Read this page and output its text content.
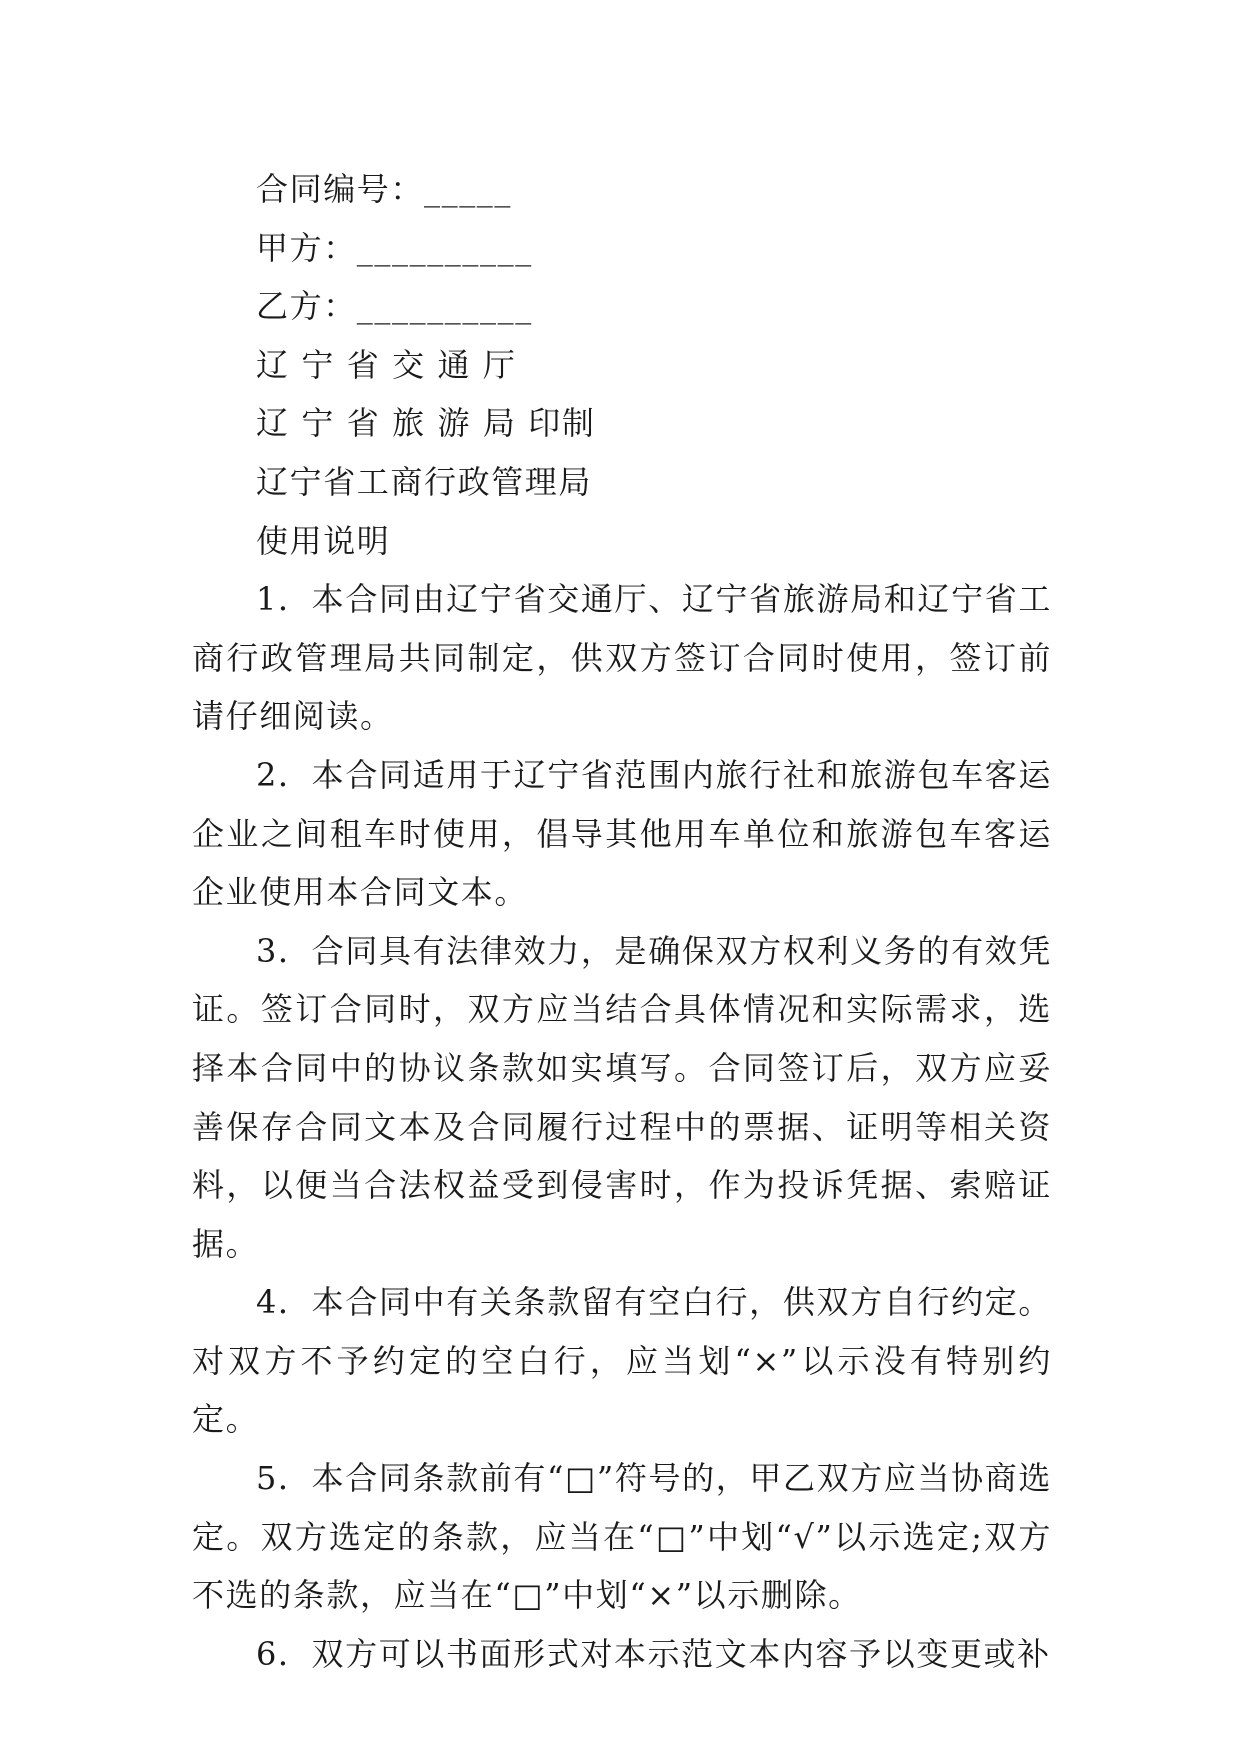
合同编号：_____
甲方：__________
乙方：__________
辽 宁 省 交 通 厅
辽 宁 省 旅 游 局 印制
辽宁省工商行政管理局
使用说明

1．本合同由辽宁省交通厅、辽宁省旅游局和辽宁省工商行政管理局共同制定，供双方签订合同时使用，签订前请仔细阅读。

2．本合同适用于辽宁省范围内旅行社和旅游包车客运企业之间租车时使用，倡导其他用车单位和旅游包车客运企业使用本合同文本。

3．合同具有法律效力，是确保双方权利义务的有效凭证。签订合同时，双方应当结合具体情况和实际需求，选择本合同中的协议条款如实填写。合同签订后，双方应妥善保存合同文本及合同履行过程中的票据、证明等相关资料，以便当合法权益受到侵害时，作为投诉凭据、索赔证据。

4．本合同中有关条款留有空白行，供双方自行约定。对双方不予约定的空白行，应当划“×”以示没有特别约定。

5．本合同条款前有“□”符号的，甲乙双方应当协商选定。双方选定的条款，应当在“□”中划“√”以示选定;双方不选的条款，应当在“□”中划“×”以示删除。

6．双方可以书面形式对本示范文本内容予以变更或补
